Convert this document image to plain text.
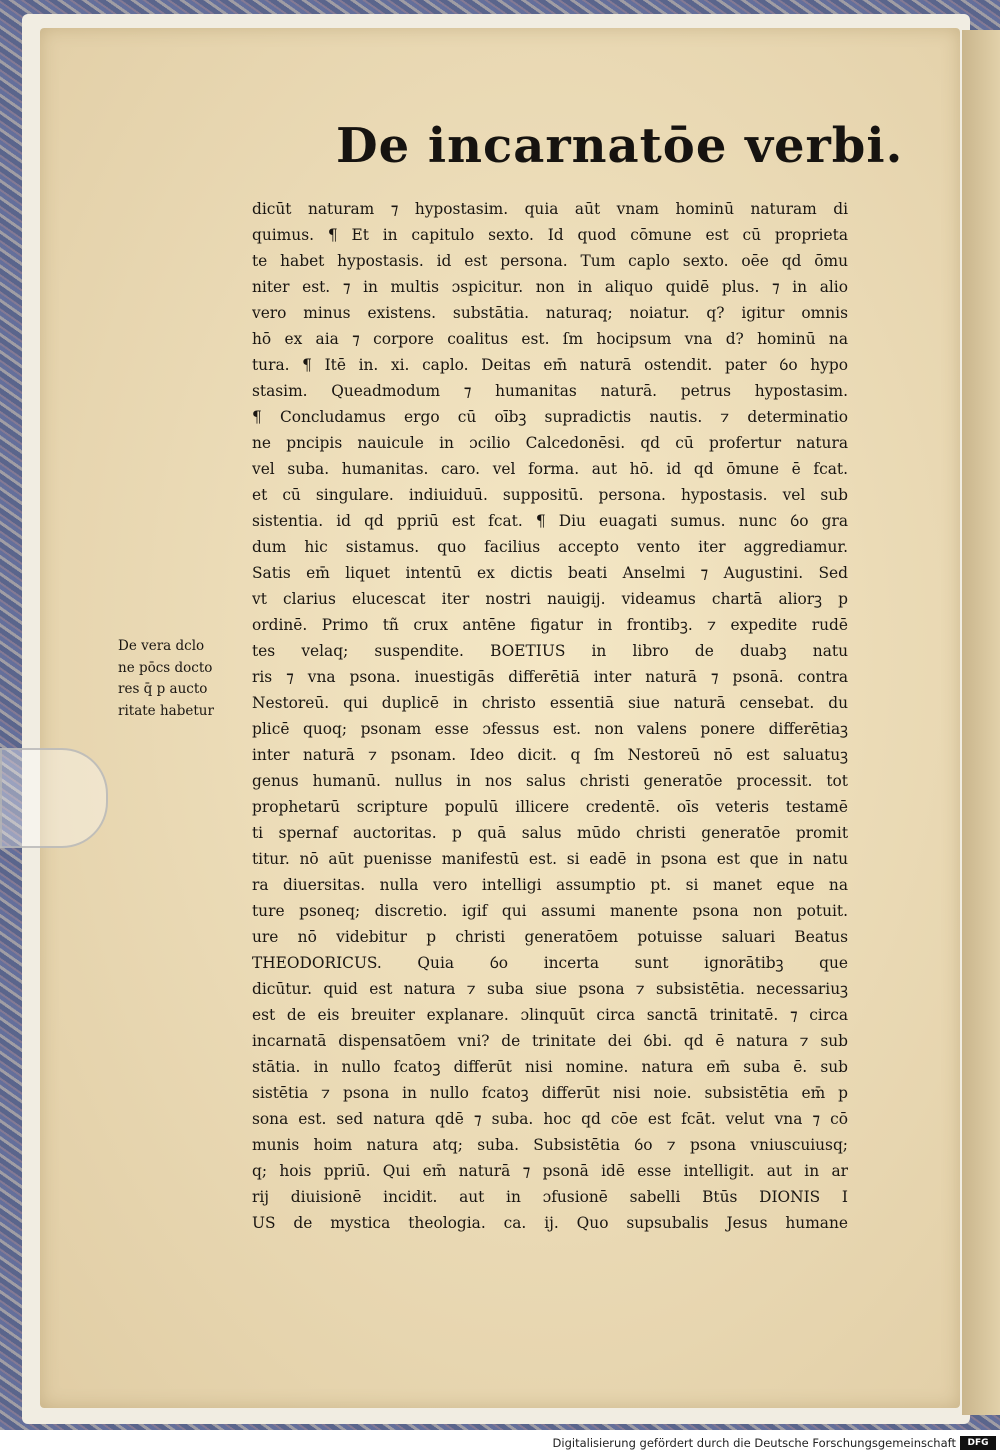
De incarnatōe verbi.
dicūt naturam ⁊ hypostasim. quia aūt vnam hominū naturam di
quimus. ¶ Et in capitulo sexto. Id quod cōmune est cū proprieta
te habet hypostasis. id est persona. Tum caplo sexto. oēe qd ōmu
niter est. ⁊ in multis ɔspicitur. non in aliquo quidē plus. ⁊ in alio
vero minus existens. substātia. naturaq; noiatur. q? igitur omnis
hō ex aia ⁊ corpore coalitus est. ſm hocipsum vna d? hominū na
tura. ¶ Itē in. xi. caplo. Deitas em̄ naturā ostendit. pater ỽo hypo
stasim. Queadmodum ⁊ humanitas naturā. petrus hypostasim.
¶ Concludamus ergo cū oībꝫ supradictis nautis. ⁊ determinatio
ne pncipis nauicule in ɔcilio Calcedonēsi. qd cū profertur natura
vel suba. humanitas. caro. vel forma. aut hō. id qd ōmune ē fcat.
et cū singulare. indiuiduū. suppositū. persona. hypostasis. vel sub
sistentia. id qd ppriū est fcat. ¶ Diu euagati sumus. nunc ỽo gra
dum hic sistamus. quo facilius accepto vento iter aggrediamur.
Satis em̄ liquet intentū ex dictis beati Anselmi ⁊ Augustini. Sed
vt clarius elucescat iter nostri nauigij. videamus chartā aliorꝫ p
ordinē. Primo tñ crux antēne figatur in frontibꝫ. ⁊ expedite rudē
tes velaq; suspendite. BOETIUS in libro de duabꝫ natu
ris ⁊ vna psona. inuestigās differētiā inter naturā ⁊ psonā. contra
Nestoreū. qui duplicē in christo essentiā siue naturā censebat. du
plicē quoq; psonam esse ɔfessus est. non valens ponere differētiaꝫ
inter naturā ⁊ psonam. Ideo dicit. q ſm Nestoreū nō est saluatuꝫ
genus humanū. nullus in nos salus christi generatōe processit. tot
prophetarū scripture populū illicere credentē. oīs veteris testamē
ti spernaf auctoritas. p quā salus mūdo christi generatōe promit
titur. nō aūt puenisse manifestū est. si eadē in psona est que in natu
ra diuersitas. nulla vero intelligi assumptio pt. si manet eque na
ture psoneq; discretio. igif qui assumi manente psona non potuit.
ure nō videbitur p christi generatōem potuisse saluari Beatus
THEODORICUS. Quia ỽo incerta sunt ignorātibꝫ que
dicūtur. quid est natura ⁊ suba siue psona ⁊ subsistētia. necessariuꝫ
est de eis breuiter explanare. ɔlinquūt circa sanctā trinitatē. ⁊ circa
incarnatā dispensatōem vni? de trinitate dei ỽbi. qd ē natura ⁊ sub
stātia. in nullo fcatoꝫ differūt nisi nomine. natura em̄ suba ē. sub
sistētia ⁊ psona in nullo fcatoꝫ differūt nisi noie. subsistētia em̄ p
sona est. sed natura qdē ⁊ suba. hoc qd cōe est fcāt. velut vna ⁊ cō
munis hoim natura atq; suba. Subsistētia ỽo ⁊ psona vniuscuiusq;
q; hois ppriū. Qui em̄ naturā ⁊ psonā idē esse intelligit. aut in ar
rij diuisionē incidit. aut in ɔfusionē sabelli Btūs DIONIS I
US de mystica theologia. ca. ij. Quo supsubalis Jesus humane
De vera dclo
ne pōcs docto
res q̄ p aucto
ritate habetur
Digitalisierung gefördert durch die Deutsche Forschungsgemeinschaft	DFG
